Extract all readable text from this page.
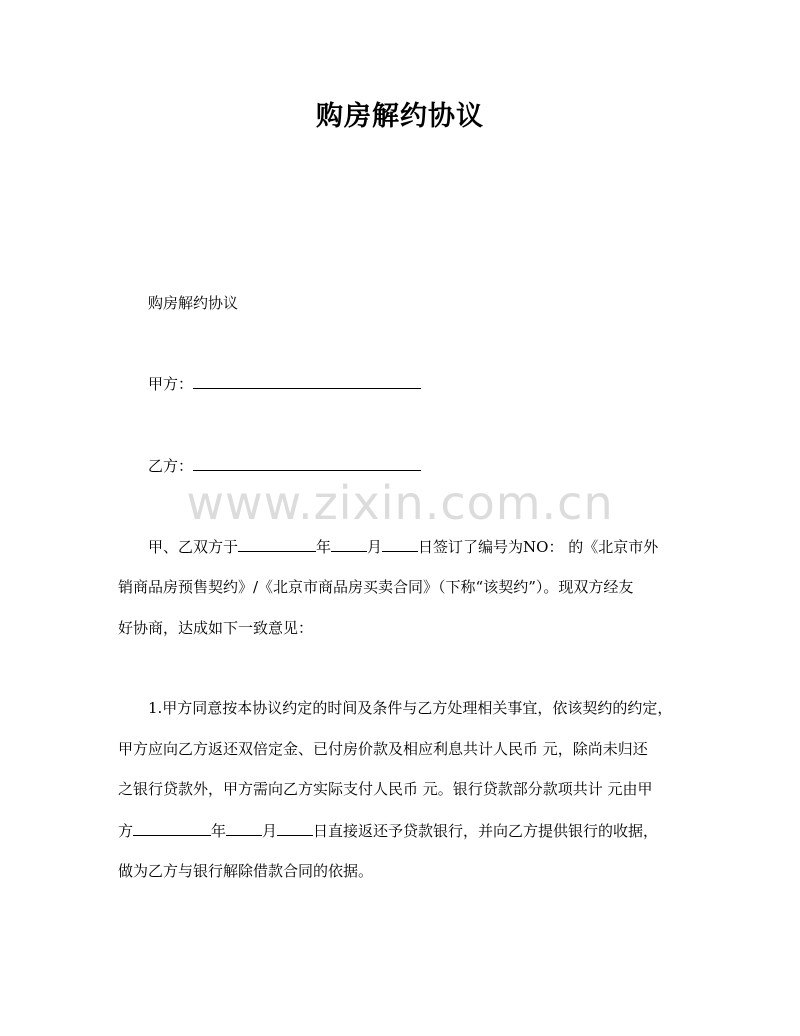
购房解约协议
购房解约协议
甲方：
乙方：
www.zixin.com.cn
甲、乙双方于	年 月 日签订了编号为NO： 的《北京市外
销商品房预售契约》/《北京市商品房买卖合同》（下称“该契约”）。现双方经友
好协商，达成如下一致意见：
1.甲方同意按本协议约定的时间及条件与乙方处理相关事宜，依该契约的约定，
甲方应向乙方返还双倍定金、已付房价款及相应利息共计人民币 元，除尚未归还
之银行贷款外，甲方需向乙方实际支付人民币 元。银行贷款部分款项共计 元由甲
方	年 月 日直接返还予贷款银行，并向乙方提供银行的收据，
做为乙方与银行解除借款合同的依据。
